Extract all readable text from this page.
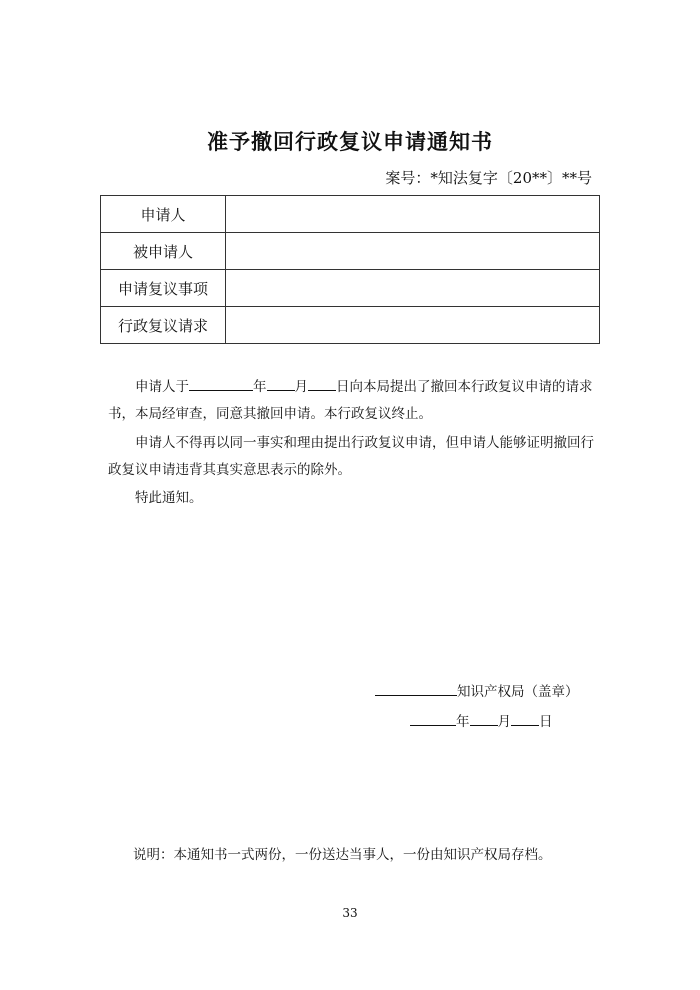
准予撤回行政复议申请通知书
案号：*知法复字〔20**〕**号
申请人	
被申请人	
申请复议事项	
行政复议请求	
申请人于	年 月 日向本局提出了撤回本行政复议申请的请求书，本局经审查，同意其撤回申请。本行政复议终止。
申请人不得再以同一事实和理由提出行政复议申请，但申请人能够证明撤回行政复议申请违背其真实意思表示的除外。
特此通知。
知识产权局（盖章）
年 月 日
说明：本通知书一式两份，一份送达当事人，一份由知识产权局存档。
33
